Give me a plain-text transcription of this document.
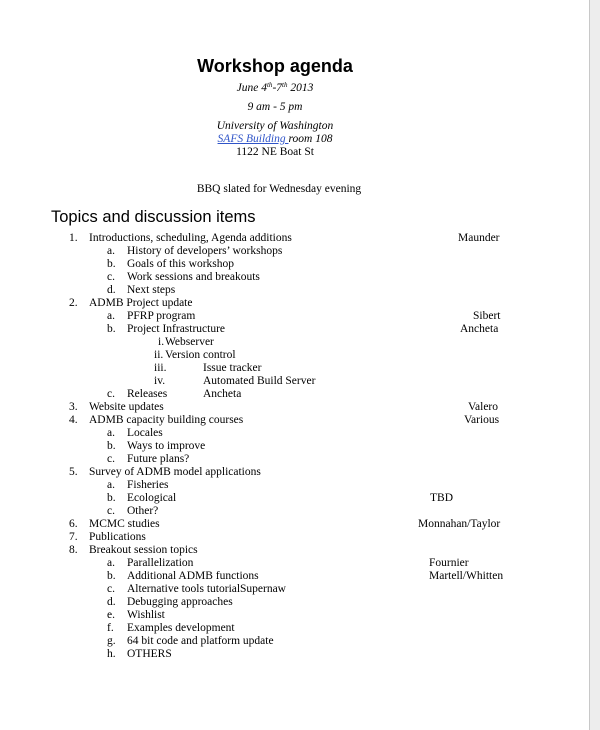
Workshop agenda
June 4th-7th 2013
9 am - 5 pm
University of Washington
SAFS Building room 108
1122 NE Boat St
BBQ slated for Wednesday evening
Topics and discussion items
1. Introductions, scheduling, Agenda additions	Maunder
a. History of developers’ workshops
b. Goals of this workshop
c. Work sessions and breakouts
d. Next steps
2. ADMB Project update
a. PFRP program	Sibert
b. Project Infrastructure	Ancheta
i. Webserver
ii. Version control
iii.	Issue tracker
iv.	Automated Build Server
c. Releases	Ancheta
3. Website updates	Valero
4. ADMB capacity building courses	Various
a. Locales
b. Ways to improve
c. Future plans?
5. Survey of ADMB model applications
a. Fisheries
b. Ecological	TBD
c. Other?
6. MCMC studies	Monnahan/Taylor
7. Publications
8. Breakout session topics
a. Parallelization	Fournier
b. Additional ADMB functions	Martell/Whitten
c. Alternative tools tutorial Supernaw
d. Debugging approaches
e. Wishlist
f. Examples development
g. 64 bit code and platform update
h. OTHERS
